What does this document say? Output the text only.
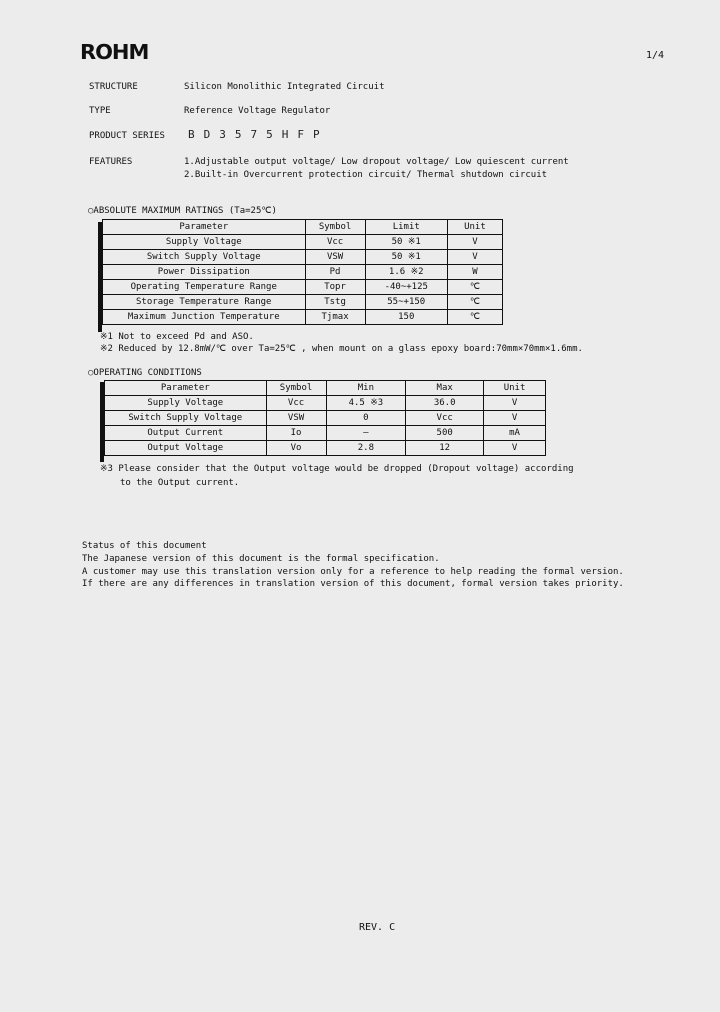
ROHM	1/4
STRUCTURE	Silicon Monolithic Integrated Circuit
TYPE	Reference Voltage Regulator
PRODUCT SERIES BD3575HFP
FEATURES	1.Adjustable output voltage/ Low dropout voltage/ Low quiescent current
2.Built-in Overcurrent protection circuit/ Thermal shutdown circuit
○ABSOLUTE MAXIMUM RATINGS (Ta=25℃)
Parameter	Symbol	Limit	Unit
Supply Voltage	Vcc	50 ※1	V
Switch Supply Voltage	VSW	50 ※1	V
Power Dissipation	Pd	1.6 ※2	W
Operating Temperature Range	Topr	-40~+125	℃
Storage Temperature Range	Tstg	55~+150	℃
Maximum Junction Temperature	Tjmax	150	℃
※1 Not to exceed Pd and ASO.
※2 Reduced by 12.8mW/℃ over Ta=25℃ , when mount on a glass epoxy board:70mm×70mm×1.6mm.
○OPERATING CONDITIONS
Parameter	Symbol	Min	Max	Unit
Supply Voltage	Vcc	4.5 ※3	36.0	V
Switch Supply Voltage	VSW	0	Vcc	V
Output Current	Io	—	500	mA
Output Voltage	Vo	2.8	12	V
※3 Please consider that the Output voltage would be dropped (Dropout voltage) according
to the Output current.
Status of this document
The Japanese version of this document is the formal specification.
A customer may use this translation version only for a reference to help reading the formal version.
If there are any differences in translation version of this document, formal version takes priority.
REV. C
